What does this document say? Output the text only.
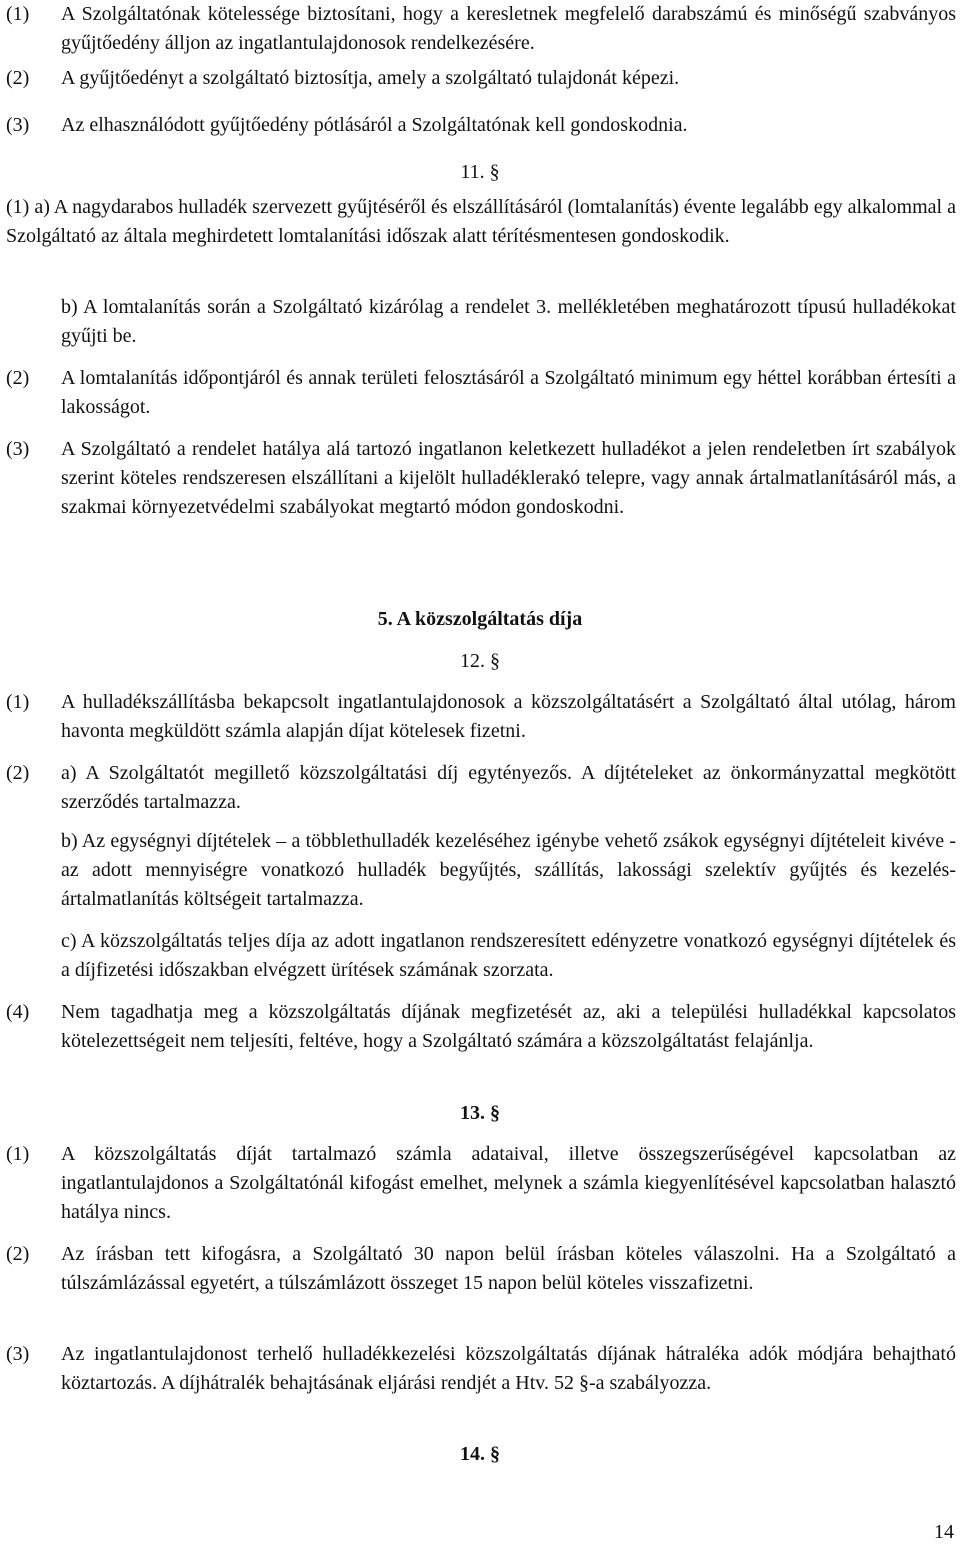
(1) A Szolgáltatónak kötelessége biztosítani, hogy a keresletnek megfelelő darabszámú és minőségű szabványos gyűjtőedény álljon az ingatlantulajdonosok rendelkezésére.
(2) A gyűjtőedényt a szolgáltató biztosítja, amely a szolgáltató tulajdonát képezi.
(3) Az elhasználódott gyűjtőedény pótlásáról a Szolgáltatónak kell gondoskodnia.
11. §
(1) a) A nagydarabos hulladék szervezett gyűjtéséről és elszállításáról (lomtalanítás) évente legalább egy alkalommal a Szolgáltató az általa meghirdetett lomtalanítási időszak alatt térítésmentesen gondoskodik.
b) A lomtalanítás során a Szolgáltató kizárólag a rendelet 3. mellékletében meghatározott típusú hulladékokat gyűjti be.
(2) A lomtalanítás időpontjáról és annak területi felosztásáról a Szolgáltató minimum egy héttel korábban értesíti a lakosságot.
(3) A Szolgáltató a rendelet hatálya alá tartozó ingatlanon keletkezett hulladékot a jelen rendeletben írt szabályok szerint köteles rendszeresen elszállítani a kijelölt hulladéklerakó telepre, vagy annak ártalmatlanításáról más, a szakmai környezetvédelmi szabályokat megtartó módon gondoskodni.
5. A közszolgáltatás díja
12. §
(1) A hulladékszállításba bekapcsolt ingatlantulajdonosok a közszolgáltatásért a Szolgáltató által utólag, három havonta megküldött számla alapján díjat kötelesek fizetni.
(2) a) A Szolgáltatót megillető közszolgáltatási díj egytényezős. A díjtételeket az önkormányzattal megkötött szerződés tartalmazza.
b) Az egységnyi díjtételek – a többlethulladék kezeléséhez igénybe vehető zsákok egységnyi díjtételeit kivéve - az adott mennyiségre vonatkozó hulladék begyűjtés, szállítás, lakossági szelektív gyűjtés és kezelés-ártalmatlanítás költségeit tartalmazza.
c) A közszolgáltatás teljes díja az adott ingatlanon rendszeresített edényzetre vonatkozó egységnyi díjtételek és a díjfizetési időszakban elvégzett ürítések számának szorzata.
(4) Nem tagadhatja meg a közszolgáltatás díjának megfizetését az, aki a települési hulladékkal kapcsolatos kötelezettségeit nem teljesíti, feltéve, hogy a Szolgáltató számára a közszolgáltatást felajánlja.
13. §
(1) A közszolgáltatás díját tartalmazó számla adataival, illetve összegszerűségével kapcsolatban az ingatlantulajdonos a Szolgáltatónál kifogást emelhet, melynek a számla kiegyenlítésével kapcsolatban halasztó hatálya nincs.
(2) Az írásban tett kifogásra, a Szolgáltató 30 napon belül írásban köteles válaszolni. Ha a Szolgáltató a túlszámlázással egyetért, a túlszámlázott összeget 15 napon belül köteles visszafizetni.
(3) Az ingatlantulajdonost terhelő hulladékkezelési közszolgáltatás díjának hátraléka adók módjára behajtható köztartozás. A díjhátralék behajtásának eljárási rendjét a Htv. 52 §-a szabályozza.
14. §
14
